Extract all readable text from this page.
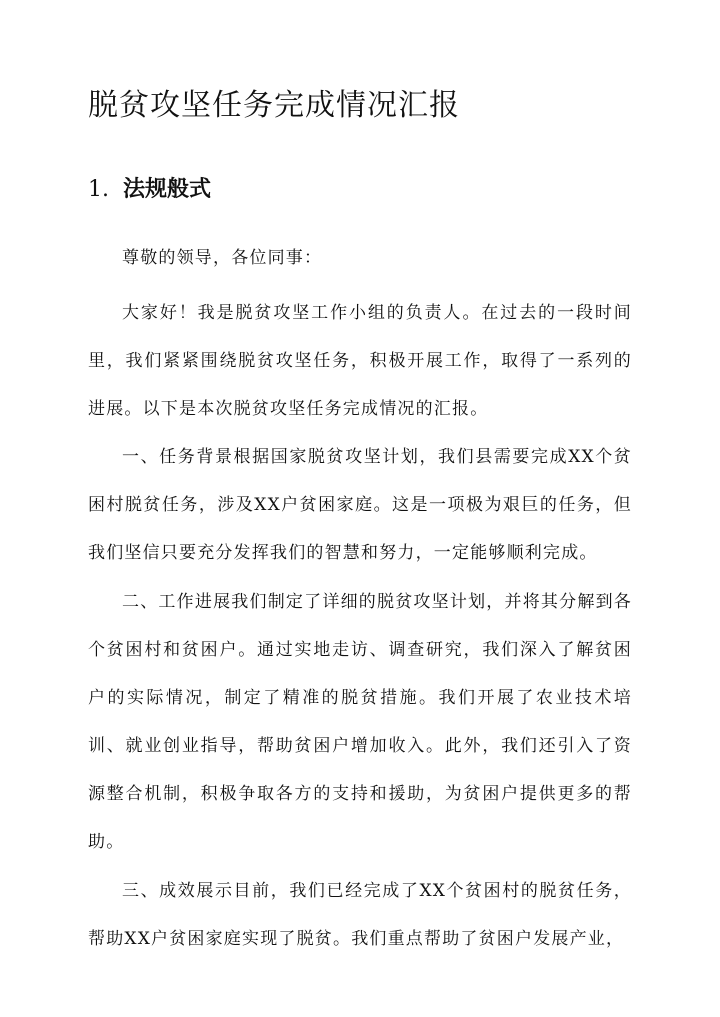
脱贫攻坚任务完成情况汇报
1. 法规般式

尊敬的领导，各位同事：

大家好！我是脱贫攻坚工作小组的负责人。在过去的一段时间里，我们紧紧围绕脱贫攻坚任务，积极开展工作，取得了一系列的进展。以下是本次脱贫攻坚任务完成情况的汇报。

一、任务背景根据国家脱贫攻坚计划，我们县需要完成XX个贫困村脱贫任务，涉及XX户贫困家庭。这是一项极为艰巨的任务，但我们坚信只要充分发挥我们的智慧和努力，一定能够顺利完成。

二、工作进展我们制定了详细的脱贫攻坚计划，并将其分解到各个贫困村和贫困户。通过实地走访、调查研究，我们深入了解贫困户的实际情况，制定了精准的脱贫措施。我们开展了农业技术培训、就业创业指导，帮助贫困户增加收入。此外，我们还引入了资源整合机制，积极争取各方的支持和援助，为贫困户提供更多的帮助。

三、成效展示目前，我们已经完成了XX个贫困村的脱贫任务，帮助XX户贫困家庭实现了脱贫。我们重点帮助了贫困户发展产业，
